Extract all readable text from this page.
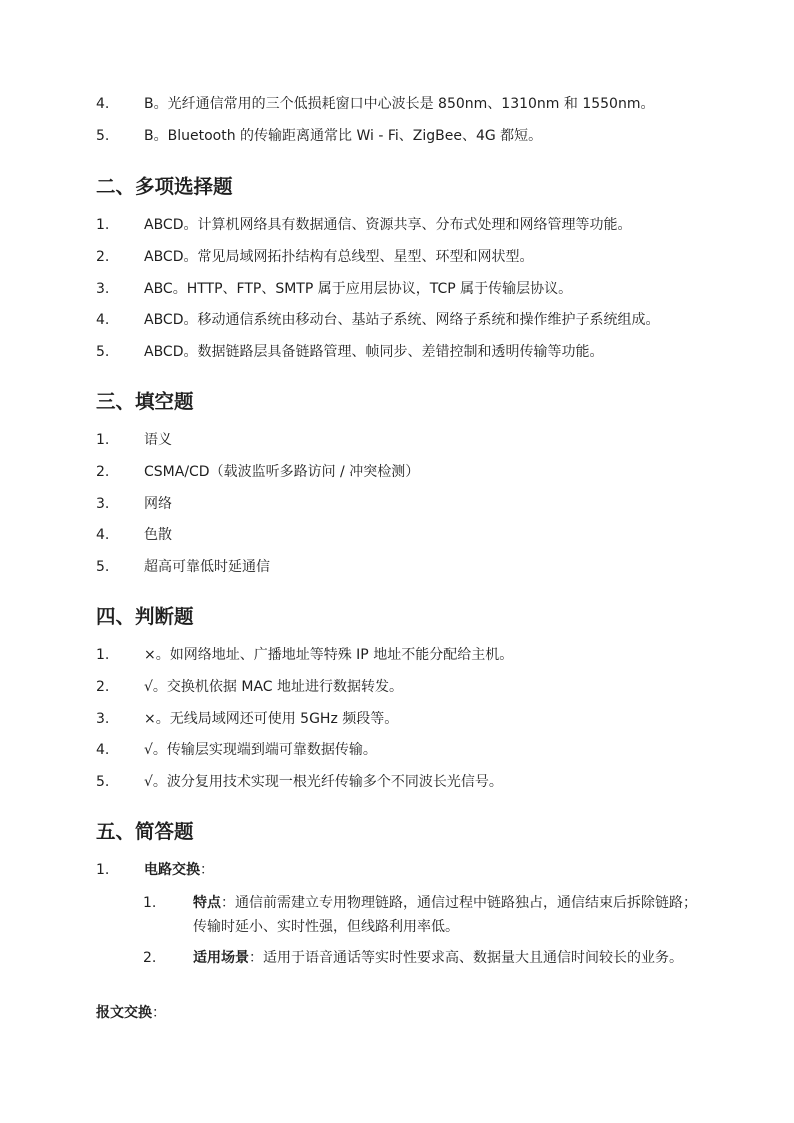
4. B。光纤通信常用的三个低损耗窗口中心波长是 850nm、1310nm 和 1550nm。
5. B。Bluetooth 的传输距离通常比 Wi - Fi、ZigBee、4G 都短。
二、多项选择题
1. ABCD。计算机网络具有数据通信、资源共享、分布式处理和网络管理等功能。
2. ABCD。常见局域网拓扑结构有总线型、星型、环型和网状型。
3. ABC。HTTP、FTP、SMTP 属于应用层协议，TCP 属于传输层协议。
4. ABCD。移动通信系统由移动台、基站子系统、网络子系统和操作维护子系统组成。
5. ABCD。数据链路层具备链路管理、帧同步、差错控制和透明传输等功能。
三、填空题
1. 语义
2. CSMA/CD（载波监听多路访问 / 冲突检测）
3. 网络
4. 色散
5. 超高可靠低时延通信
四、判断题
1. ×。如网络地址、广播地址等特殊 IP 地址不能分配给主机。
2. √。交换机依据 MAC 地址进行数据转发。
3. ×。无线局域网还可使用 5GHz 频段等。
4. √。传输层实现端到端可靠数据传输。
5. √。波分复用技术实现一根光纤传输多个不同波长光信号。
五、简答题
1. 电路交换：
1.	特点：通信前需建立专用物理链路，通信过程中链路独占，通信结束后拆除链路；传输时延小、实时性强，但线路利用率低。
2.	适用场景：适用于语音通话等实时性要求高、数据量大且通信时间较长的业务。
报文交换：
